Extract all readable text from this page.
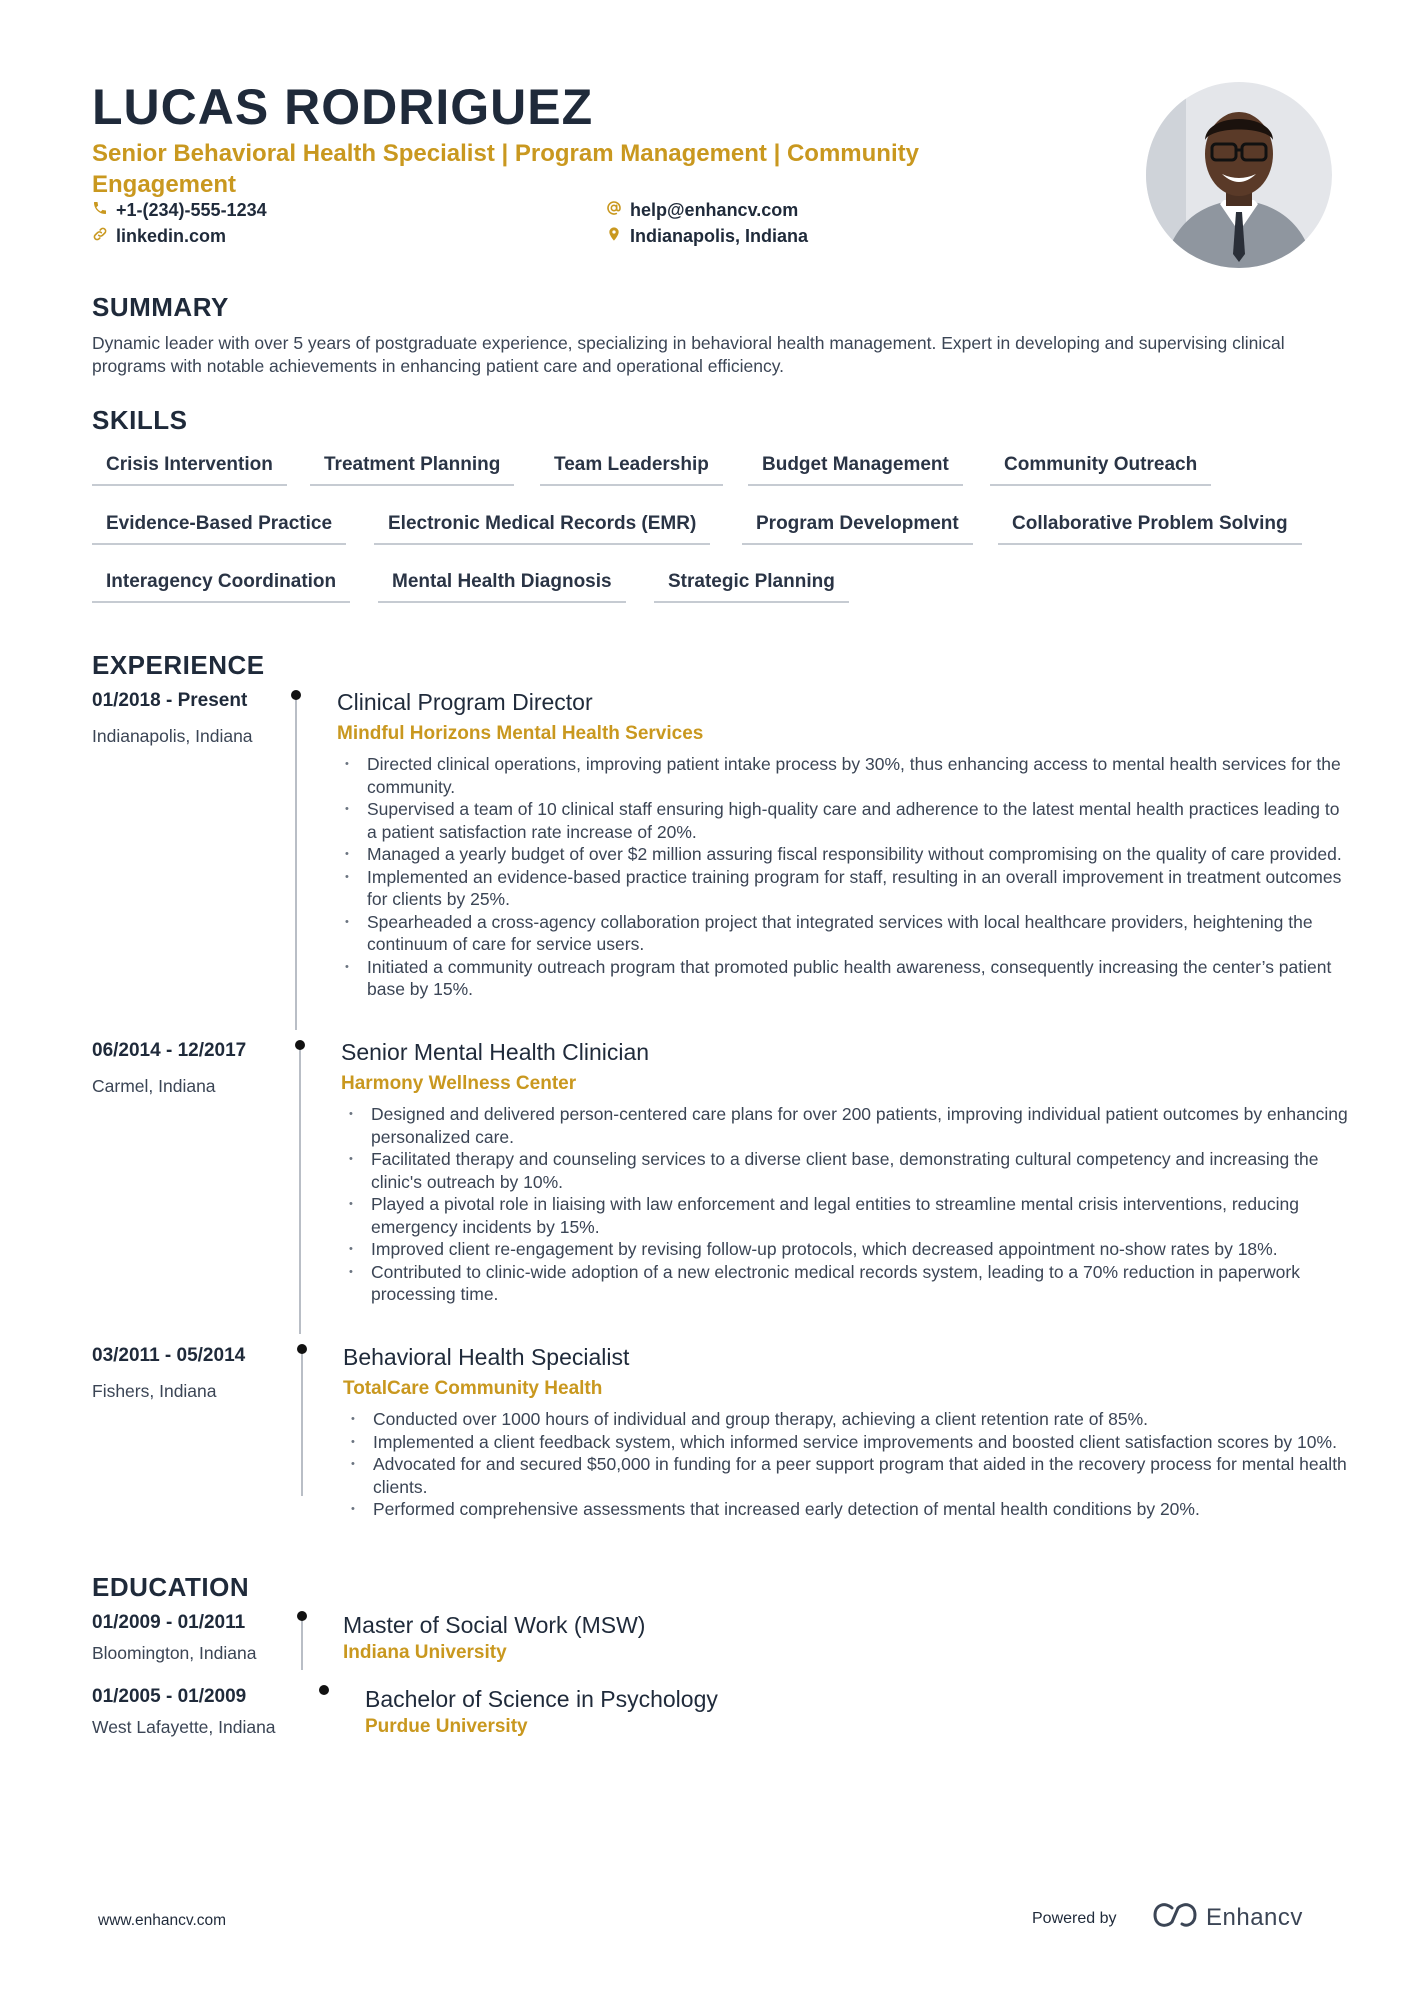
LUCAS RODRIGUEZ
Senior Behavioral Health Specialist | Program Management | Community Engagement
+1-(234)-555-1234	help@enhancv.com
linkedin.com	Indianapolis, Indiana
SUMMARY
Dynamic leader with over 5 years of postgraduate experience, specializing in behavioral health management. Expert in developing and supervising clinical programs with notable achievements in enhancing patient care and operational efficiency.
SKILLS
Crisis Intervention	Treatment Planning	Team Leadership	Budget Management	Community Outreach
Evidence-Based Practice	Electronic Medical Records (EMR)	Program Development	Collaborative Problem Solving
Interagency Coordination	Mental Health Diagnosis	Strategic Planning
EXPERIENCE
01/2018 - Present
Indianapolis, Indiana
Clinical Program Director
Mindful Horizons Mental Health Services
• Directed clinical operations, improving patient intake process by 30%, thus enhancing access to mental health services for the community.
• Supervised a team of 10 clinical staff ensuring high-quality care and adherence to the latest mental health practices leading to a patient satisfaction rate increase of 20%.
• Managed a yearly budget of over $2 million assuring fiscal responsibility without compromising on the quality of care provided.
• Implemented an evidence-based practice training program for staff, resulting in an overall improvement in treatment outcomes for clients by 25%.
• Spearheaded a cross-agency collaboration project that integrated services with local healthcare providers, heightening the continuum of care for service users.
• Initiated a community outreach program that promoted public health awareness, consequently increasing the center’s patient base by 15%.
06/2014 - 12/2017
Carmel, Indiana
Senior Mental Health Clinician
Harmony Wellness Center
• Designed and delivered person-centered care plans for over 200 patients, improving individual patient outcomes by enhancing personalized care.
• Facilitated therapy and counseling services to a diverse client base, demonstrating cultural competency and increasing the clinic's outreach by 10%.
• Played a pivotal role in liaising with law enforcement and legal entities to streamline mental crisis interventions, reducing emergency incidents by 15%.
• Improved client re-engagement by revising follow-up protocols, which decreased appointment no-show rates by 18%.
• Contributed to clinic-wide adoption of a new electronic medical records system, leading to a 70% reduction in paperwork processing time.
03/2011 - 05/2014
Fishers, Indiana
Behavioral Health Specialist
TotalCare Community Health
• Conducted over 1000 hours of individual and group therapy, achieving a client retention rate of 85%.
• Implemented a client feedback system, which informed service improvements and boosted client satisfaction scores by 10%.
• Advocated for and secured $50,000 in funding for a peer support program that aided in the recovery process for mental health clients.
• Performed comprehensive assessments that increased early detection of mental health conditions by 20%.
EDUCATION
01/2009 - 01/2011
Bloomington, Indiana
Master of Social Work (MSW)
Indiana University
01/2005 - 01/2009
West Lafayette, Indiana
Bachelor of Science in Psychology
Purdue University
www.enhancv.com	Powered by	Enhancv
